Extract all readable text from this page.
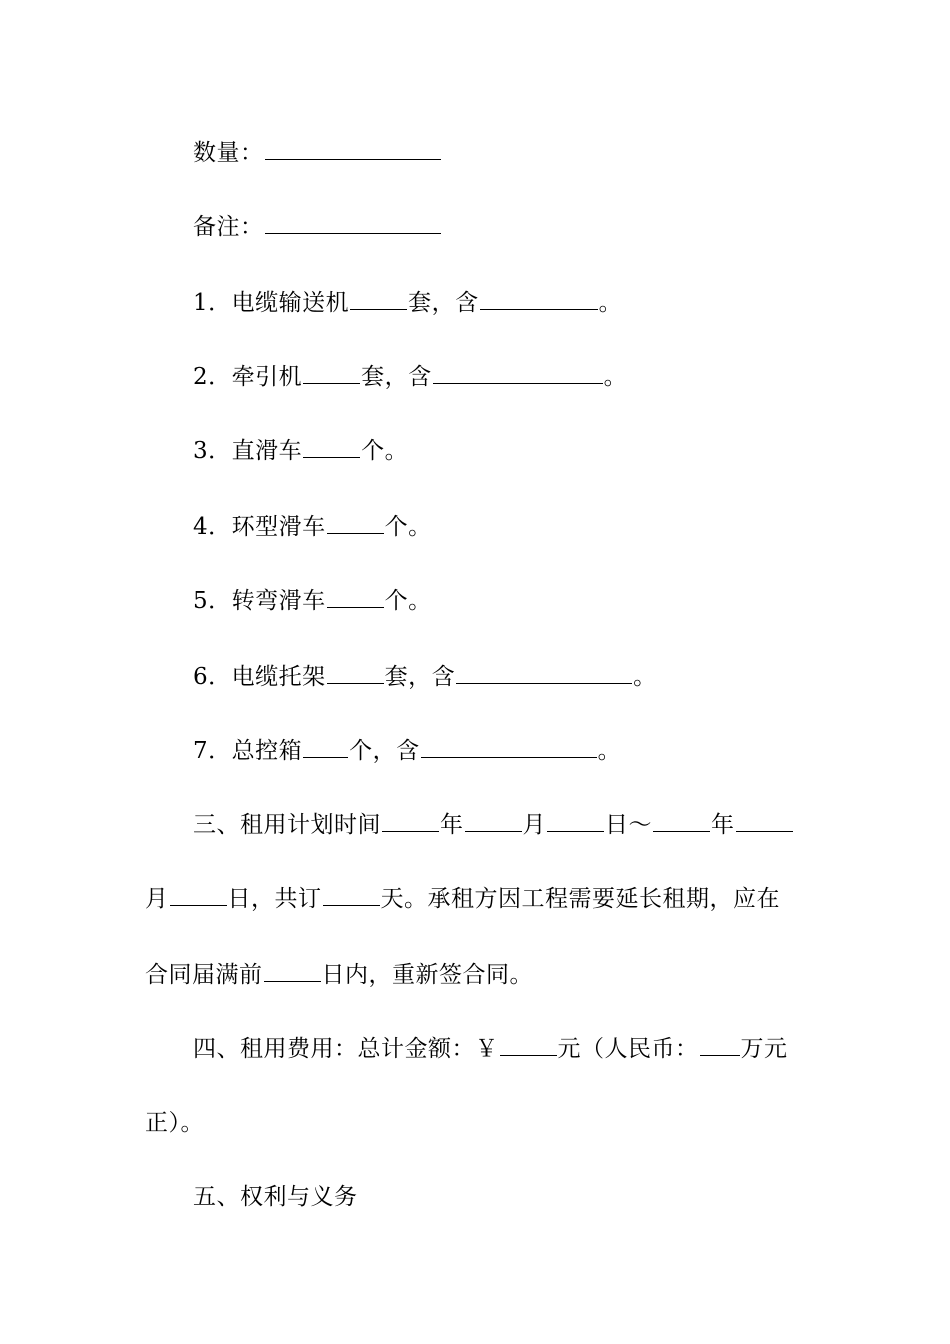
数量：
备注：
1．电缆输送机	套，含	。
2．牵引机	套，含	。
3．直滑车	个。
4．环型滑车	个。
5．转弯滑车	个。
6．电缆托架	套，含	。
7．总控箱 个，含	。
三、租用计划时间	年	月	日～	年
月	日，共订	天。承租方因工程需要延长租期，应在
合同届满前	日内，重新签合同。
四、租用费用：总计金额：￥	元（人民币： 万元
正）。
五、权利与义务
